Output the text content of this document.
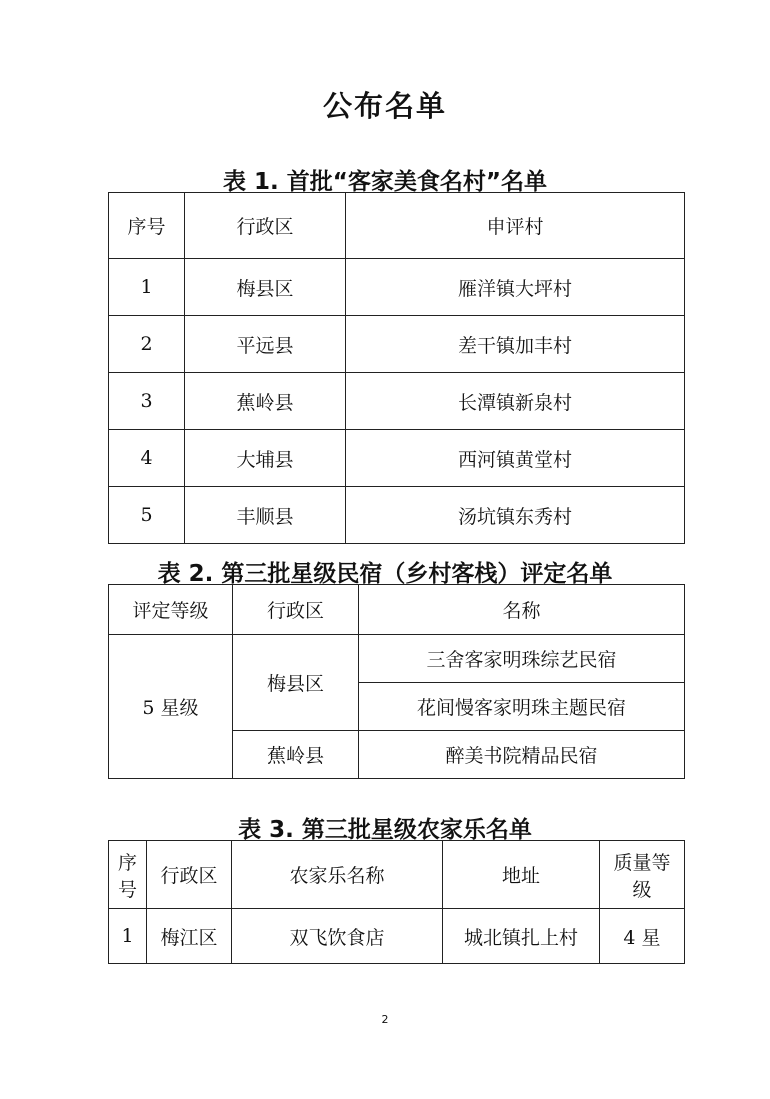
公布名单
表 1. 首批“客家美食名村”名单
序号	行政区	申评村
1	梅县区	雁洋镇大坪村
2	平远县	差干镇加丰村
3	蕉岭县	长潭镇新泉村
4	大埔县	西河镇黄堂村
5	丰顺县	汤坑镇东秀村
表 2. 第三批星级民宿（乡村客栈）评定名单
评定等级	行政区	名称
5 星级	梅县区	三舍客家明珠综艺民宿
		花间慢客家明珠主题民宿
	蕉岭县	醉美书院精品民宿
表 3. 第三批星级农家乐名单
序号	行政区	农家乐名称	地址	质量等级
1	梅江区	双飞饮食店	城北镇扎上村	4 星
2
